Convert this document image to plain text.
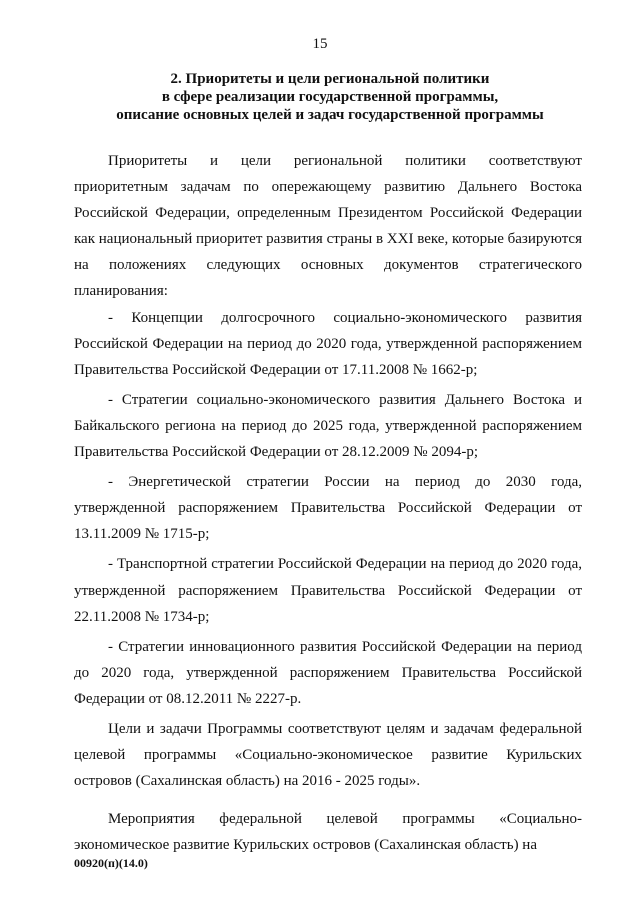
15
2. Приоритеты и цели региональной политики
в сфере реализации государственной программы,
описание основных целей и задач государственной программы

Приоритеты и цели региональной политики соответствуют приоритетным задачам по опережающему развитию Дальнего Востока Российской Федерации, определенным Президентом Российской Федерации как национальный приоритет развития страны в XXI веке, которые базируются на положениях следующих основных документов стратегического планирования:

- Концепции долгосрочного социально-экономического развития Российской Федерации на период до 2020 года, утвержденной распоряжением Правительства Российской Федерации от 17.11.2008 № 1662-р;

- Стратегии социально-экономического развития Дальнего Востока и Байкальского региона на период до 2025 года, утвержденной распоряжением Правительства Российской Федерации от 28.12.2009 № 2094-р;

- Энергетической стратегии России на период до 2030 года, утвержденной распоряжением Правительства Российской Федерации от 13.11.2009 № 1715-р;

- Транспортной стратегии Российской Федерации на период до 2020 года, утвержденной распоряжением Правительства Российской Федерации от 22.11.2008 № 1734-р;

- Стратегии инновационного развития Российской Федерации на период до 2020 года, утвержденной распоряжением Правительства Российской Федерации от 08.12.2011 № 2227-р.

Цели и задачи Программы соответствуют целям и задачам федеральной целевой программы «Социально-экономическое развитие Курильских островов (Сахалинская область) на 2016 - 2025 годы».

Мероприятия федеральной целевой программы «Социально-экономическое развитие Курильских островов (Сахалинская область) на

00920(п)(14.0)
